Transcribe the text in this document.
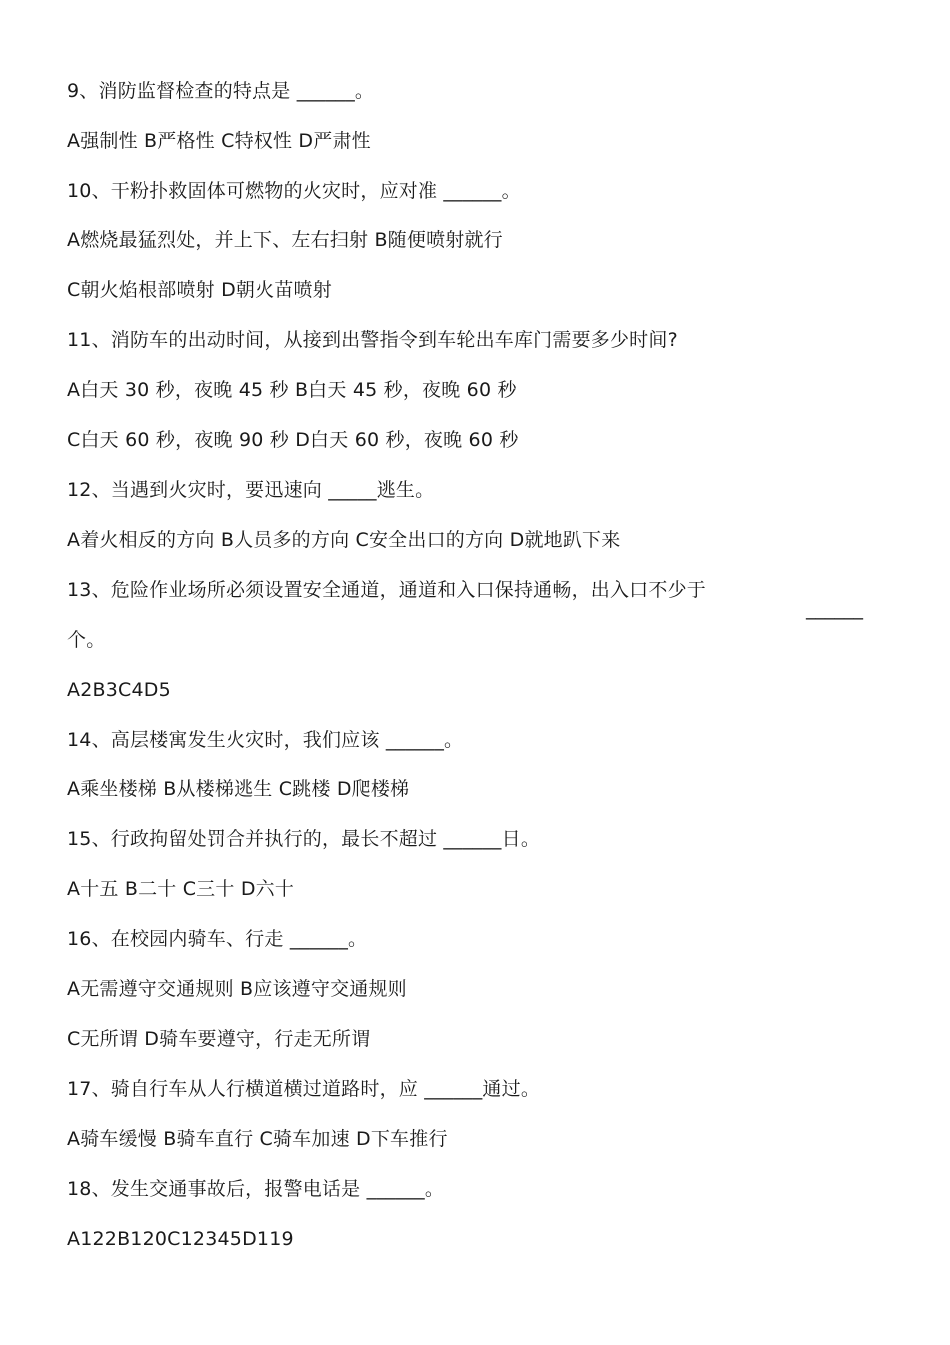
9、消防监督检查的特点是 ______。
A强制性 B严格性 C特权性 D严肃性
10、干粉扑救固体可燃物的火灾时，应对准 ______。
A燃烧最猛烈处，并上下、左右扫射 B随便喷射就行
C朝火焰根部喷射 D朝火苗喷射
11、消防车的出动时间，从接到出警指令到车轮出车库门需要多少时间?
A白天 30 秒，夜晚 45 秒 B白天 45 秒，夜晚 60 秒
C白天 60 秒，夜晚 90 秒 D白天 60 秒，夜晚 60 秒
12、当遇到火灾时，要迅速向 _____逃生。
A着火相反的方向 B人员多的方向 C安全出口的方向 D就地趴下来
13、危险作业场所必须设置安全通道，通道和入口保持通畅，出入口不少于
______
个。
A2B3C4D5
14、高层楼寓发生火灾时，我们应该 ______。
A乘坐楼梯 B从楼梯逃生 C跳楼 D爬楼梯
15、行政拘留处罚合并执行的，最长不超过 ______日。
A十五 B二十 C三十 D六十
16、在校园内骑车、行走 ______。
A无需遵守交通规则 B应该遵守交通规则
C无所谓 D骑车要遵守，行走无所谓
17、骑自行车从人行横道横过道路时，应 ______通过。
A骑车缓慢 B骑车直行 C骑车加速 D下车推行
18、发生交通事故后，报警电话是 ______。
A122B120C12345D119
